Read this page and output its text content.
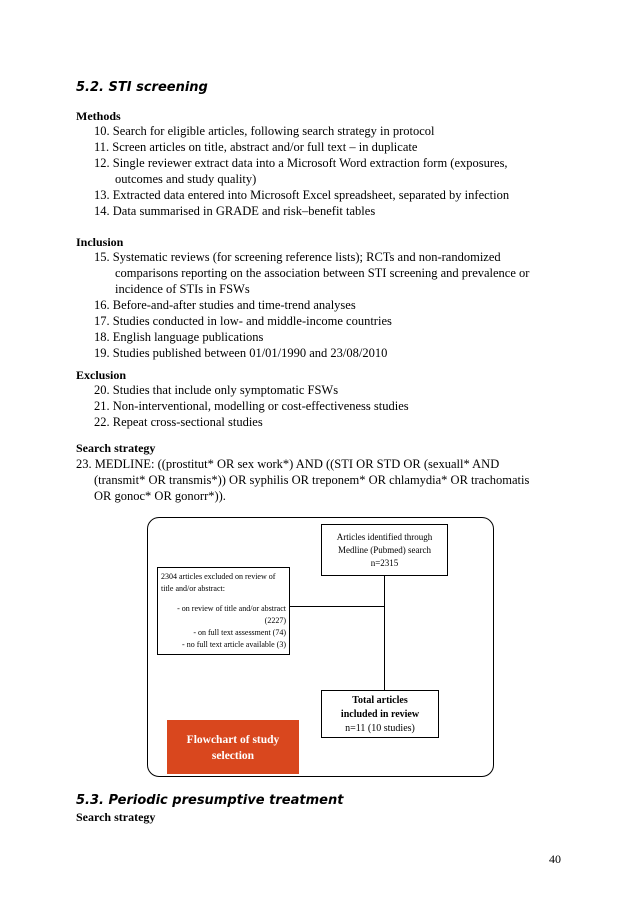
5.2. STI screening
Methods
10. Search for eligible articles, following search strategy in protocol
11. Screen articles on title, abstract and/or full text – in duplicate
12. Single reviewer extract data into a Microsoft Word extraction form (exposures,
outcomes and study quality)
13. Extracted data entered into Microsoft Excel spreadsheet, separated by infection
14. Data summarised in GRADE and risk–benefit tables
Inclusion
15. Systematic reviews (for screening reference lists); RCTs and non-randomized
comparisons reporting on the association between STI screening and prevalence or
incidence of STIs in FSWs
16. Before-and-after studies and time-trend analyses
17. Studies conducted in low- and middle-income countries
18. English language publications
19. Studies published between 01/01/1990 and 23/08/2010
Exclusion
20. Studies that include only symptomatic FSWs
21. Non-interventional, modelling or cost-effectiveness studies
22. Repeat cross-sectional studies
Search strategy
23. MEDLINE: ((prostitut* OR sex work*) AND ((STI OR STD OR (sexuall* AND
(transmit* OR transmis*)) OR syphilis OR treponem* OR chlamydia* OR trachomatis
OR gonoc* OR gonorr*)).
Articles identified through
Medline (Pubmed) search
n=2315
2304 articles excluded on review of
title and/or abstract:
- on review of title and/or abstract
(2227)
- on full text assessment (74)
- no full text article available (3)
Total articles
included in review
n=11 (10 studies)
Flowchart of study
selection
5.3. Periodic presumptive treatment
Search strategy
40
